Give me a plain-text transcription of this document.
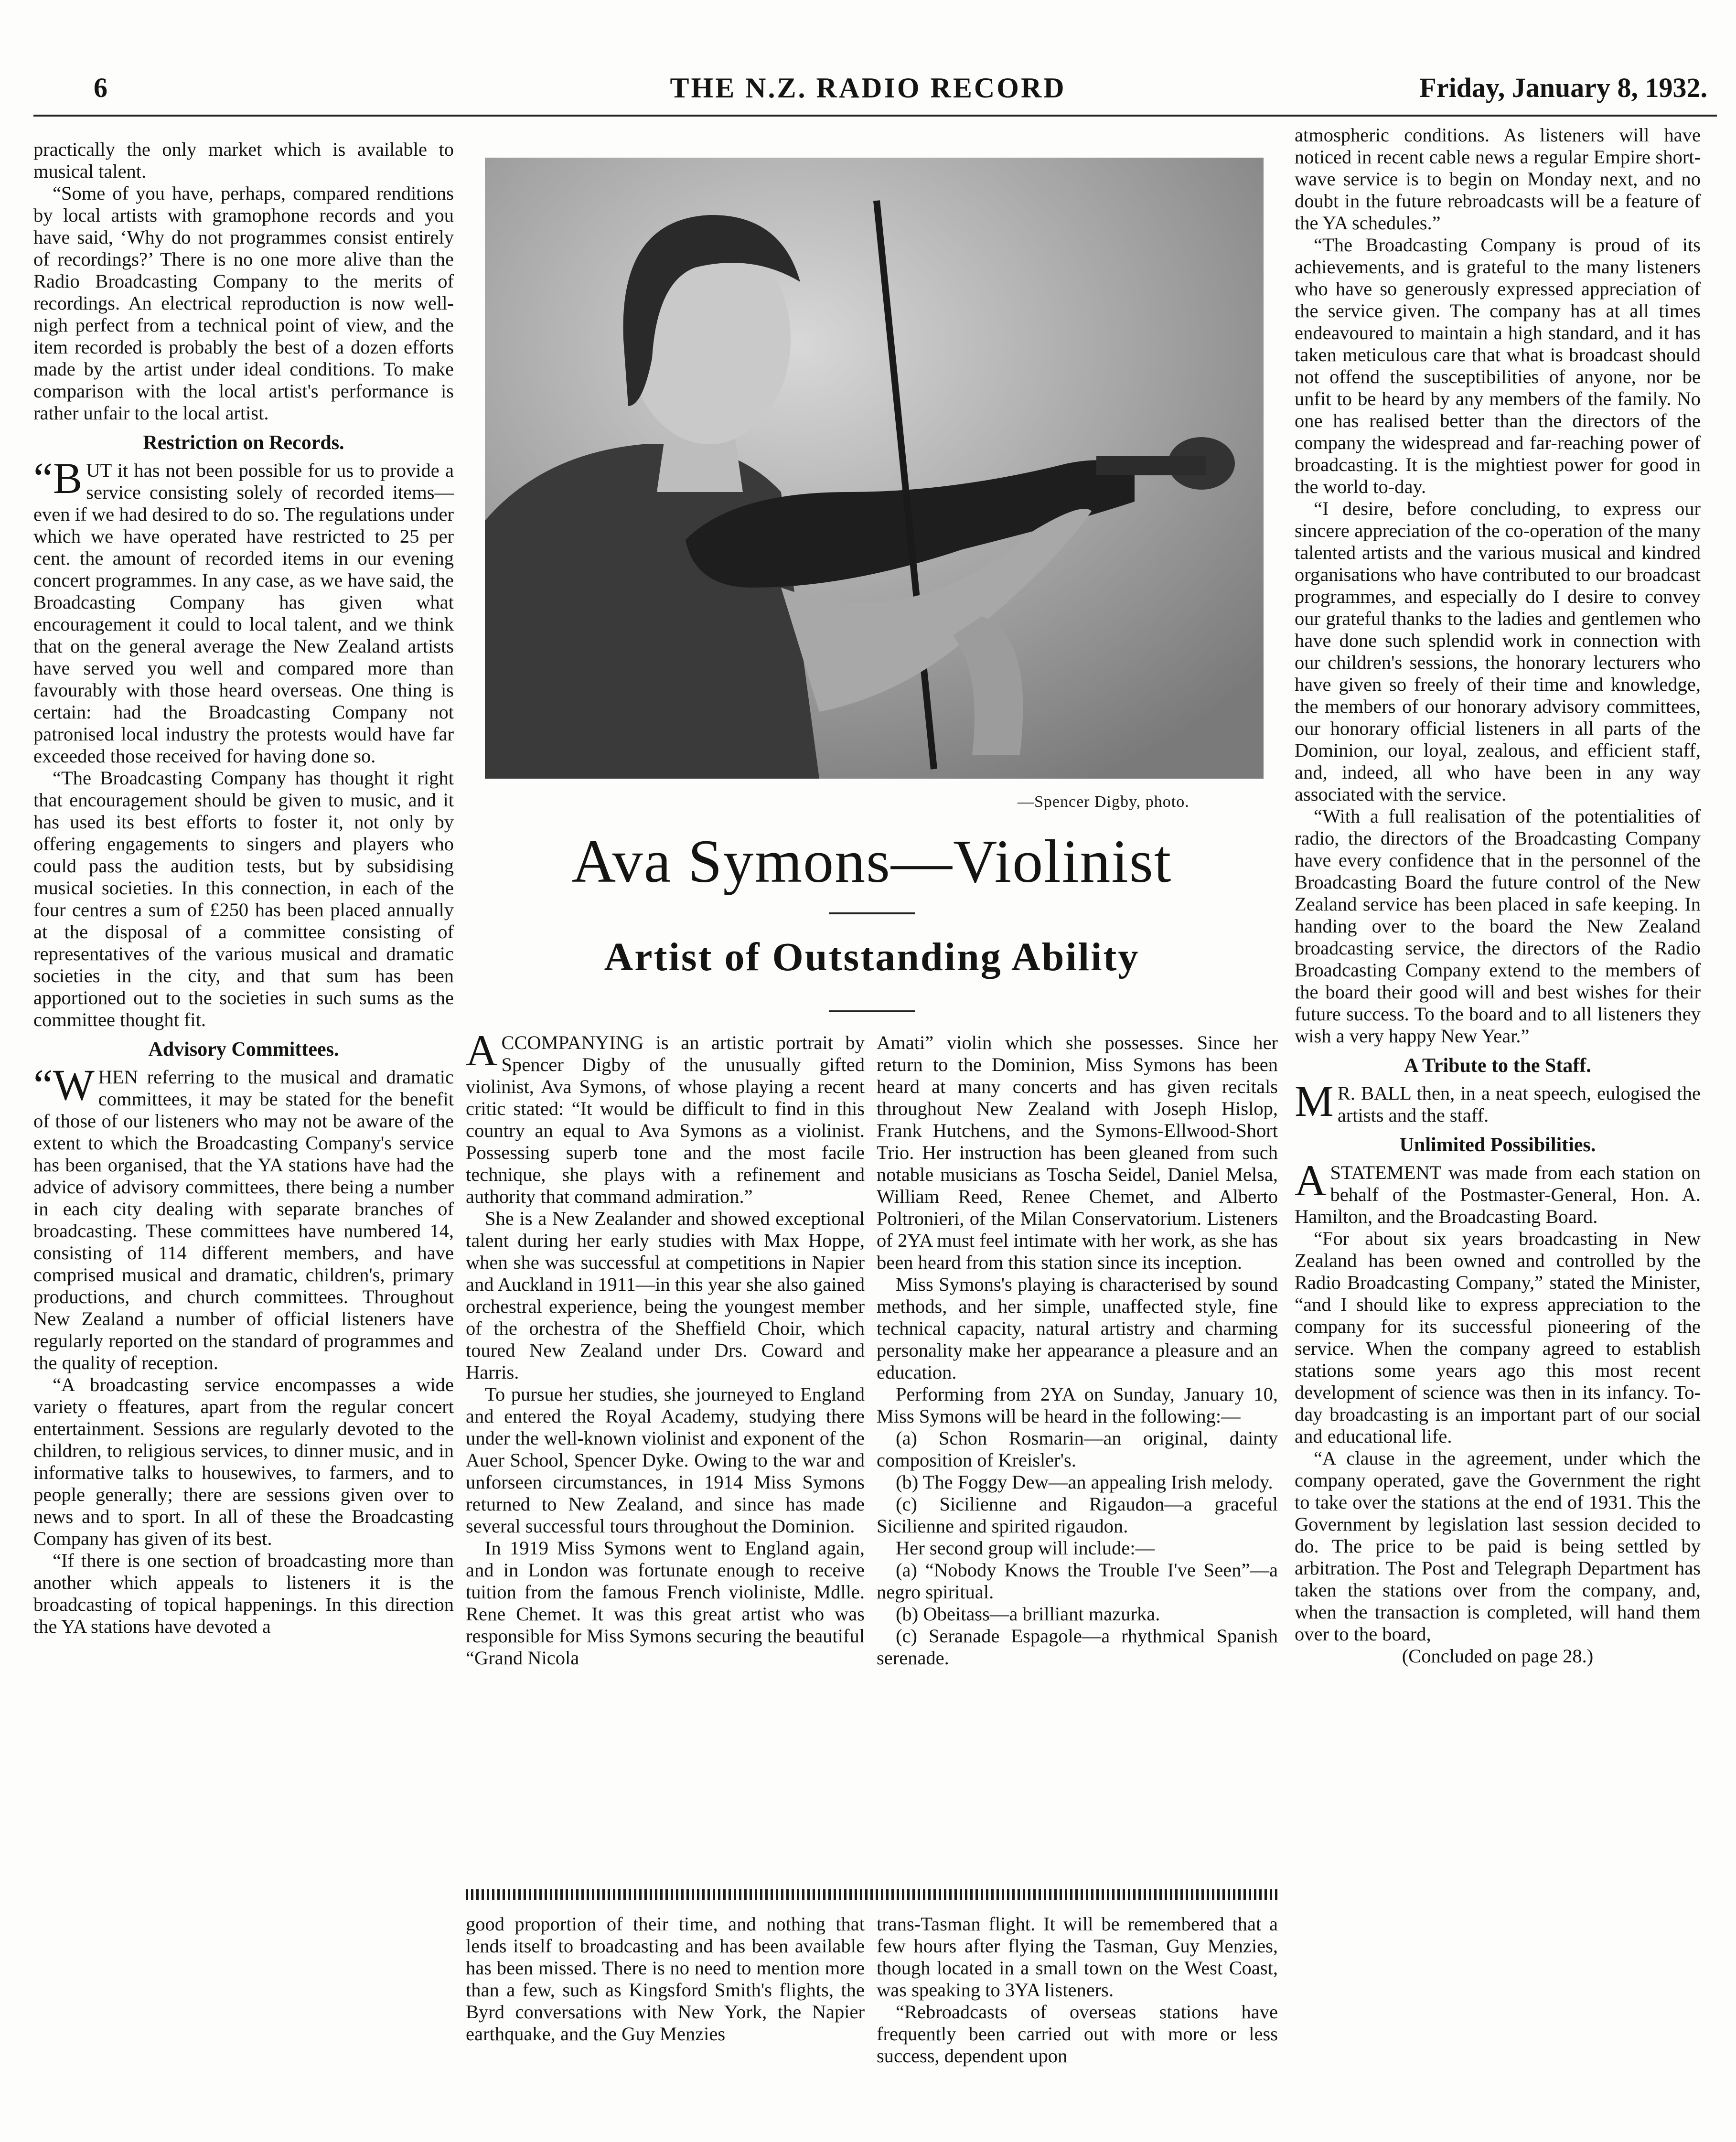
6	THE N.Z. RADIO RECORD	Friday, January 8, 1932.

practically the only market which is available to musical talent.

“Some of you have, perhaps, compared renditions by local artists with gramophone records and you have said, ‘Why do not programmes consist entirely of recordings?’ There is no one more alive than the Radio Broadcasting Company to the merits of recordings. An electrical reproduction is now well-nigh perfect from a technical point of view, and the item recorded is probably the best of a dozen efforts made by the artist under ideal conditions. To make comparison with the local artist's performance is rather unfair to the local artist.

Restriction on Records.

“BUT it has not been possible for us to provide a service consisting solely of recorded items—even if we had desired to do so. The regulations under which we have operated have restricted to 25 per cent. the amount of recorded items in our evening concert programmes. In any case, as we have said, the Broadcasting Company has given what encouragement it could to local talent, and we think that on the general average the New Zealand artists have served you well and compared more than favourably with those heard overseas. One thing is certain: had the Broadcasting Company not patronised local industry the protests would have far exceeded those received for having done so.

“The Broadcasting Company has thought it right that encouragement should be given to music, and it has used its best efforts to foster it, not only by offering engagements to singers and players who could pass the audition tests, but by subsidising musical societies. In this connection, in each of the four centres a sum of £250 has been placed annually at the disposal of a committee consisting of representatives of the various musical and dramatic societies in the city, and that sum has been apportioned out to the societies in such sums as the committee thought fit.

Advisory Committees.

“WHEN referring to the musical and dramatic committees, it may be stated for the benefit of those of our listeners who may not be aware of the extent to which the Broadcasting Company's service has been organised, that the YA stations have had the advice of advisory committees, there being a number in each city dealing with separate branches of broadcasting. These committees have numbered 14, consisting of 114 different members, and have comprised musical and dramatic, children's, primary productions, and church committees. Throughout New Zealand a number of official listeners have regularly reported on the standard of programmes and the quality of reception.

“A broadcasting service encompasses a wide variety o ffeatures, apart from the regular concert entertainment. Sessions are regularly devoted to the children, to religious services, to dinner music, and in informative talks to housewives, to farmers, and to people generally; there are sessions given over to news and to sport. In all of these the Broadcasting Company has given of its best.

“If there is one section of broadcasting more than another which appeals to listeners it is the broadcasting of topical happenings. In this direction the YA stations have devoted a

—Spencer Digby, photo.
Ava Symons—Violinist
Artist of Outstanding Ability

ACCOMPANYING is an artistic portrait by Spencer Digby of the unusually gifted violinist, Ava Symons, of whose playing a recent critic stated: “It would be difficult to find in this country an equal to Ava Symons as a violinist. Possessing superb tone and the most facile technique, she plays with a refinement and authority that command admiration.”

She is a New Zealander and showed exceptional talent during her early studies with Max Hoppe, when she was successful at competitions in Napier and Auckland in 1911—in this year she also gained orchestral experience, being the youngest member of the orchestra of the Sheffield Choir, which toured New Zealand under Drs. Coward and Harris.

To pursue her studies, she journeyed to England and entered the Royal Academy, studying there under the well-known violinist and exponent of the Auer School, Spencer Dyke. Owing to the war and unforseen circumstances, in 1914 Miss Symons returned to New Zealand, and since has made several successful tours throughout the Dominion.

In 1919 Miss Symons went to England again, and in London was fortunate enough to receive tuition from the famous French violiniste, Mdlle. Rene Chemet. It was this great artist who was responsible for Miss Symons securing the beautiful “Grand Nicola

Amati” violin which she possesses. Since her return to the Dominion, Miss Symons has been heard at many concerts and has given recitals throughout New Zealand with Joseph Hislop, Frank Hutchens, and the Symons-Ellwood-Short Trio. Her instruction has been gleaned from such notable musicians as Toscha Seidel, Daniel Melsa, William Reed, Renee Chemet, and Alberto Poltronieri, of the Milan Conservatorium. Listeners of 2YA must feel intimate with her work, as she has been heard from this station since its inception.

Miss Symons's playing is characterised by sound methods, and her simple, unaffected style, fine technical capacity, natural artistry and charming personality make her appearance a pleasure and an education.

Performing from 2YA on Sunday, January 10, Miss Symons will be heard in the following:—

(a) Schon Rosmarin—an original, dainty composition of Kreisler's.

(b) The Foggy Dew—an appealing Irish melody.

(c) Sicilienne and Rigaudon—a graceful Sicilienne and spirited rigaudon.

Her second group will include:—

(a) “Nobody Knows the Trouble I've Seen”—a negro spiritual.

(b) Obeitass—a brilliant mazurka.

(c) Seranade Espagole—a rhythmical Spanish serenade.

good proportion of their time, and nothing that lends itself to broadcasting and has been available has been missed. There is no need to mention more than a few, such as Kingsford Smith's flights, the Byrd conversations with New York, the Napier earthquake, and the Guy Menzies

trans-Tasman flight. It will be remembered that a few hours after flying the Tasman, Guy Menzies, though located in a small town on the West Coast, was speaking to 3YA listeners.

“Rebroadcasts of overseas stations have frequently been carried out with more or less success, dependent upon

atmospheric conditions. As listeners will have noticed in recent cable news a regular Empire short-wave service is to begin on Monday next, and no doubt in the future rebroadcasts will be a feature of the YA schedules.”

“The Broadcasting Company is proud of its achievements, and is grateful to the many listeners who have so generously expressed appreciation of the service given. The company has at all times endeavoured to maintain a high standard, and it has taken meticulous care that what is broadcast should not offend the susceptibilities of anyone, nor be unfit to be heard by any members of the family. No one has realised better than the directors of the company the widespread and far-reaching power of broadcasting. It is the mightiest power for good in the world to-day.

“I desire, before concluding, to express our sincere appreciation of the co-operation of the many talented artists and the various musical and kindred organisations who have contributed to our broadcast programmes, and especially do I desire to convey our grateful thanks to the ladies and gentlemen who have done such splendid work in connection with our children's sessions, the honorary lecturers who have given so freely of their time and knowledge, the members of our honorary advisory committees, our honorary official listeners in all parts of the Dominion, our loyal, zealous, and efficient staff, and, indeed, all who have been in any way associated with the service.

“With a full realisation of the potentialities of radio, the directors of the Broadcasting Company have every confidence that in the personnel of the Broadcasting Board the future control of the New Zealand service has been placed in safe keeping. In handing over to the board the New Zealand broadcasting service, the directors of the Radio Broadcasting Company extend to the members of the board their good will and best wishes for their future success. To the board and to all listeners they wish a very happy New Year.”

A Tribute to the Staff.

M R. BALL then, in a neat speech, eulogised the artists and the staff.

Unlimited Possibilities.

ASTATEMENT was made from each station on behalf of the Postmaster-General, Hon. A. Hamilton, and the Broadcasting Board.

“For about six years broadcasting in New Zealand has been owned and controlled by the Radio Broadcasting Company,” stated the Minister, “and I should like to express appreciation to the company for its successful pioneering of the service. When the company agreed to establish stations some years ago this most recent development of science was then in its infancy. To-day broadcasting is an important part of our social and educational life.

“A clause in the agreement, under which the company operated, gave the Government the right to take over the stations at the end of 1931. This the Government by legislation last session decided to do. The price to be paid is being settled by arbitration. The Post and Telegraph Department has taken the stations over from the company, and, when the transaction is completed, will hand them over to the board,

(Concluded on page 28.)
